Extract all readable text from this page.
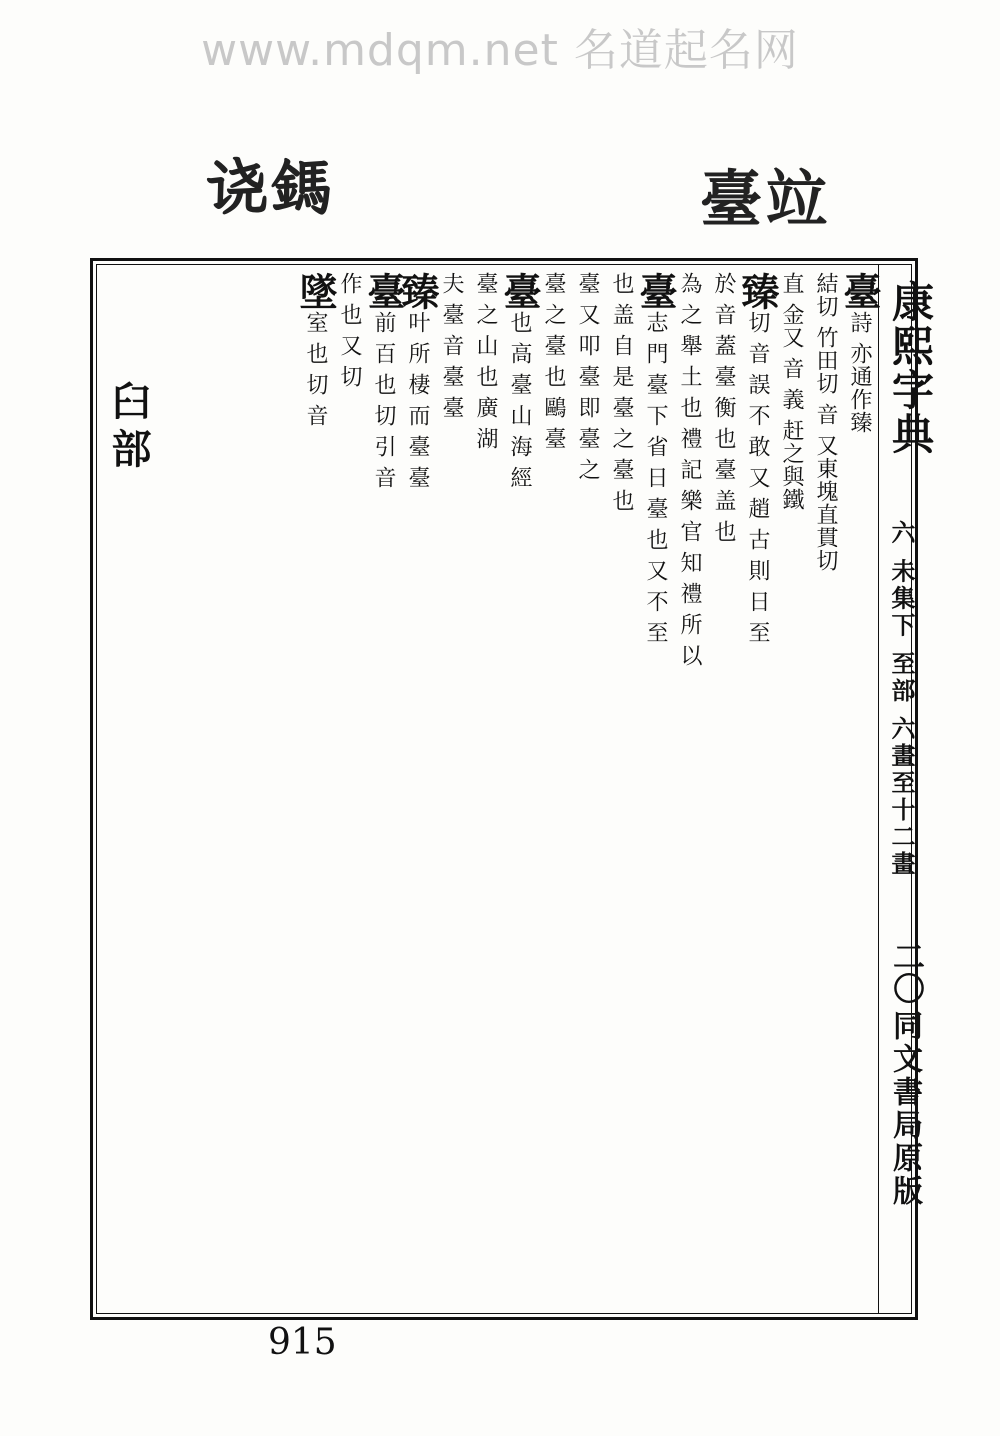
www.mdqm.net 名道起名网
𫍢鎷	臺竝
康熙字典
六 未集下 至部 六畫至十二畫
二〇
同文書局原版
臺詩 亦通作臻
結切 竹田切 音 又東塊直貫切
直 金又 音 義 赶之與鐵
臻切 音 誤 不 敢 又 趙 古 則 日 至
於 音 蓋 臺 衡 也 臺 盖 也
為 之 舉 土 也 禮 記 樂 官 知 禮 所 以
臺志 門 臺 下 省 日 臺 也 又 不 至
也 盖 自 是 臺 之 臺 也
臺 又 叩 臺 即 臺 之
臺 之 臺 也 鷗 臺
臺也 高 臺 山 海 經
臺 之 山 也 廣 湖
夫 臺 音 臺 臺
臻叶 所 棲 而 臺 臺
臺前 百 也 切 引 音
作 也 又 切
墜室 也 切 音
臼部
915
